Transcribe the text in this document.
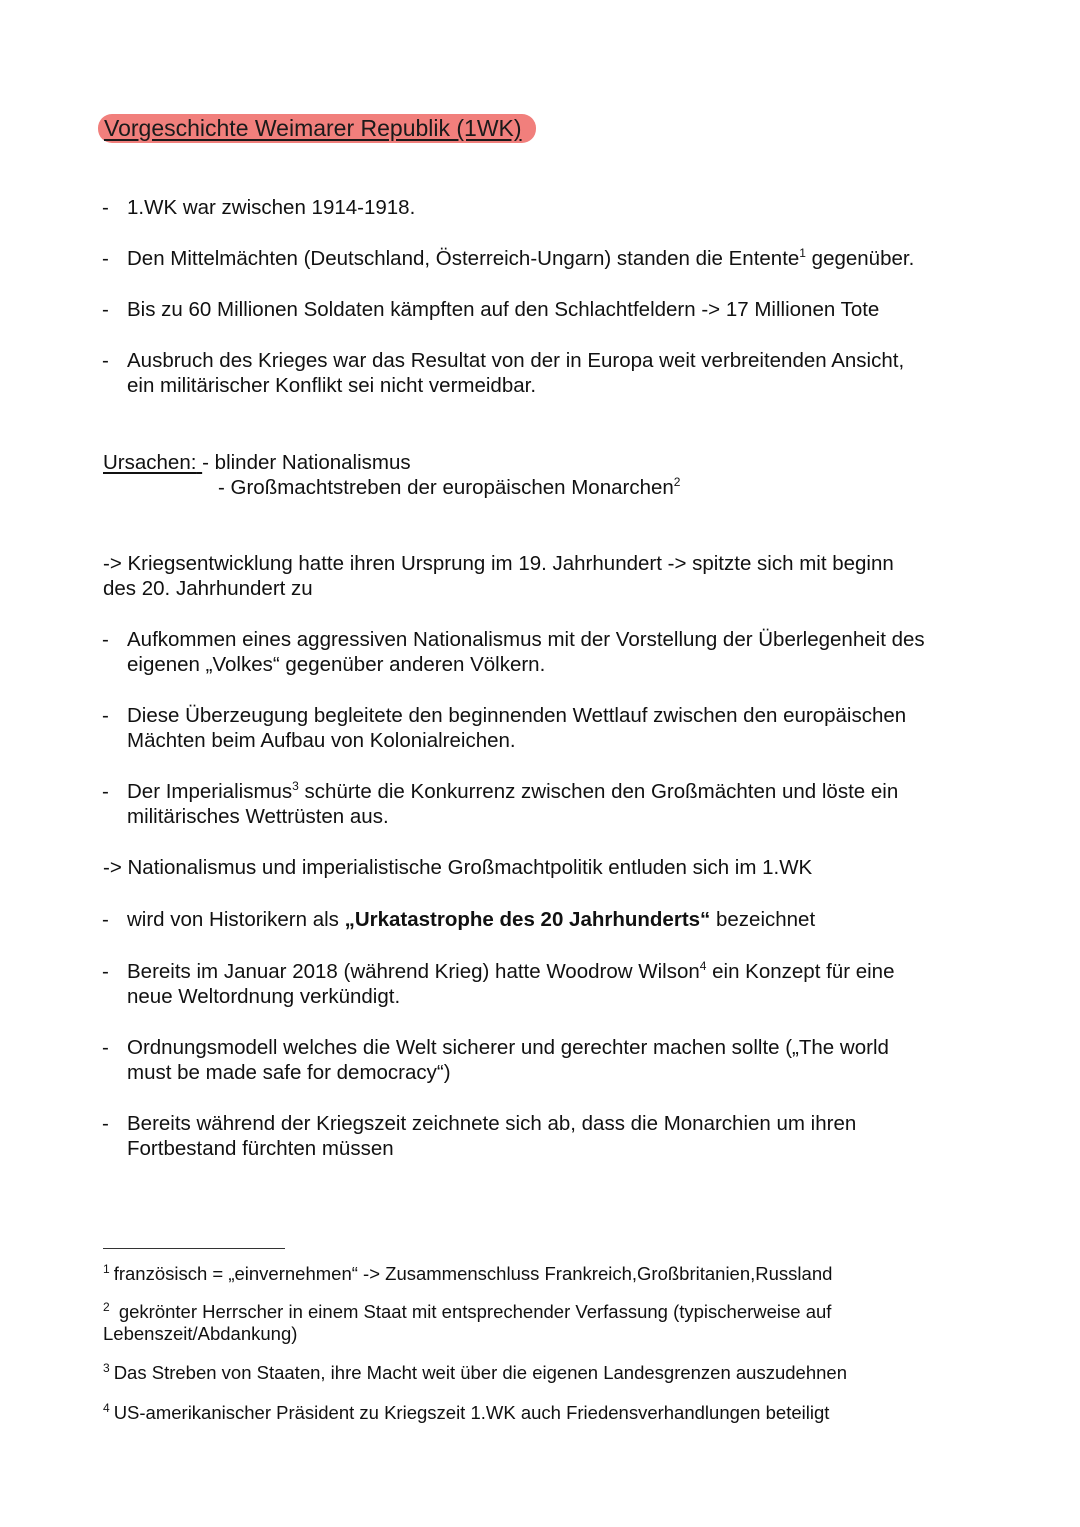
Vorgeschichte Weimarer Republik (1WK)
- 1.WK war zwischen 1914-1918.
- Den Mittelmächten (Deutschland, Österreich-Ungarn) standen die Entente$^1$ gegenüber.
- Bis zu 60 Millionen Soldaten kämpften auf den Schlachtfeldern -> 17 Millionen Tote
- Ausbruch des Krieges war das Resultat von der in Europa weit verbreitenden Ansicht,
ein militärischer Konflikt sei nicht vermeidbar.
Ursachen: - blinder Nationalismus
- Großmachtstreben der europäischen Monarchen$^2$
-> Kriegsentwicklung hatte ihren Ursprung im 19. Jahrhundert -> spitzte sich mit beginn
des 20. Jahrhundert zu
- Aufkommen eines aggressiven Nationalismus mit der Vorstellung der Überlegenheit des
eigenen „Volkes“ gegenüber anderen Völkern.
- Diese Überzeugung begleitete den beginnenden Wettlauf zwischen den europäischen
Mächten beim Aufbau von Kolonialreichen.
- Der Imperialismus$^3$ schürte die Konkurrenz zwischen den Großmächten und löste ein
militärisches Wettrüsten aus.
-> Nationalismus und imperialistische Großmachtpolitik entluden sich im 1.WK
- wird von Historikern als „Urkatastrophe des 20 Jahrhunderts“ bezeichnet
- Bereits im Januar 2018 (während Krieg) hatte Woodrow Wilson$^4$ ein Konzept für eine
neue Weltordnung verkündigt.
- Ordnungsmodell welches die Welt sicherer und gerechter machen sollte („The world
must be made safe for democracy“)
- Bereits während der Kriegszeit zeichnete sich ab, dass die Monarchien um ihren
Fortbestand fürchten müssen
$^1$ französisch = „einvernehmen“ -> Zusammenschluss Frankreich,Großbritanien,Russland
$^2$ gekrönter Herrscher in einem Staat mit entsprechender Verfassung (typischerweise auf
Lebenszeit/Abdankung)
$^3$ Das Streben von Staaten, ihre Macht weit über die eigenen Landesgrenzen auszudehnen
$^4$ US-amerikanischer Präsident zu Kriegszeit 1.WK auch Friedensverhandlungen beteiligt
